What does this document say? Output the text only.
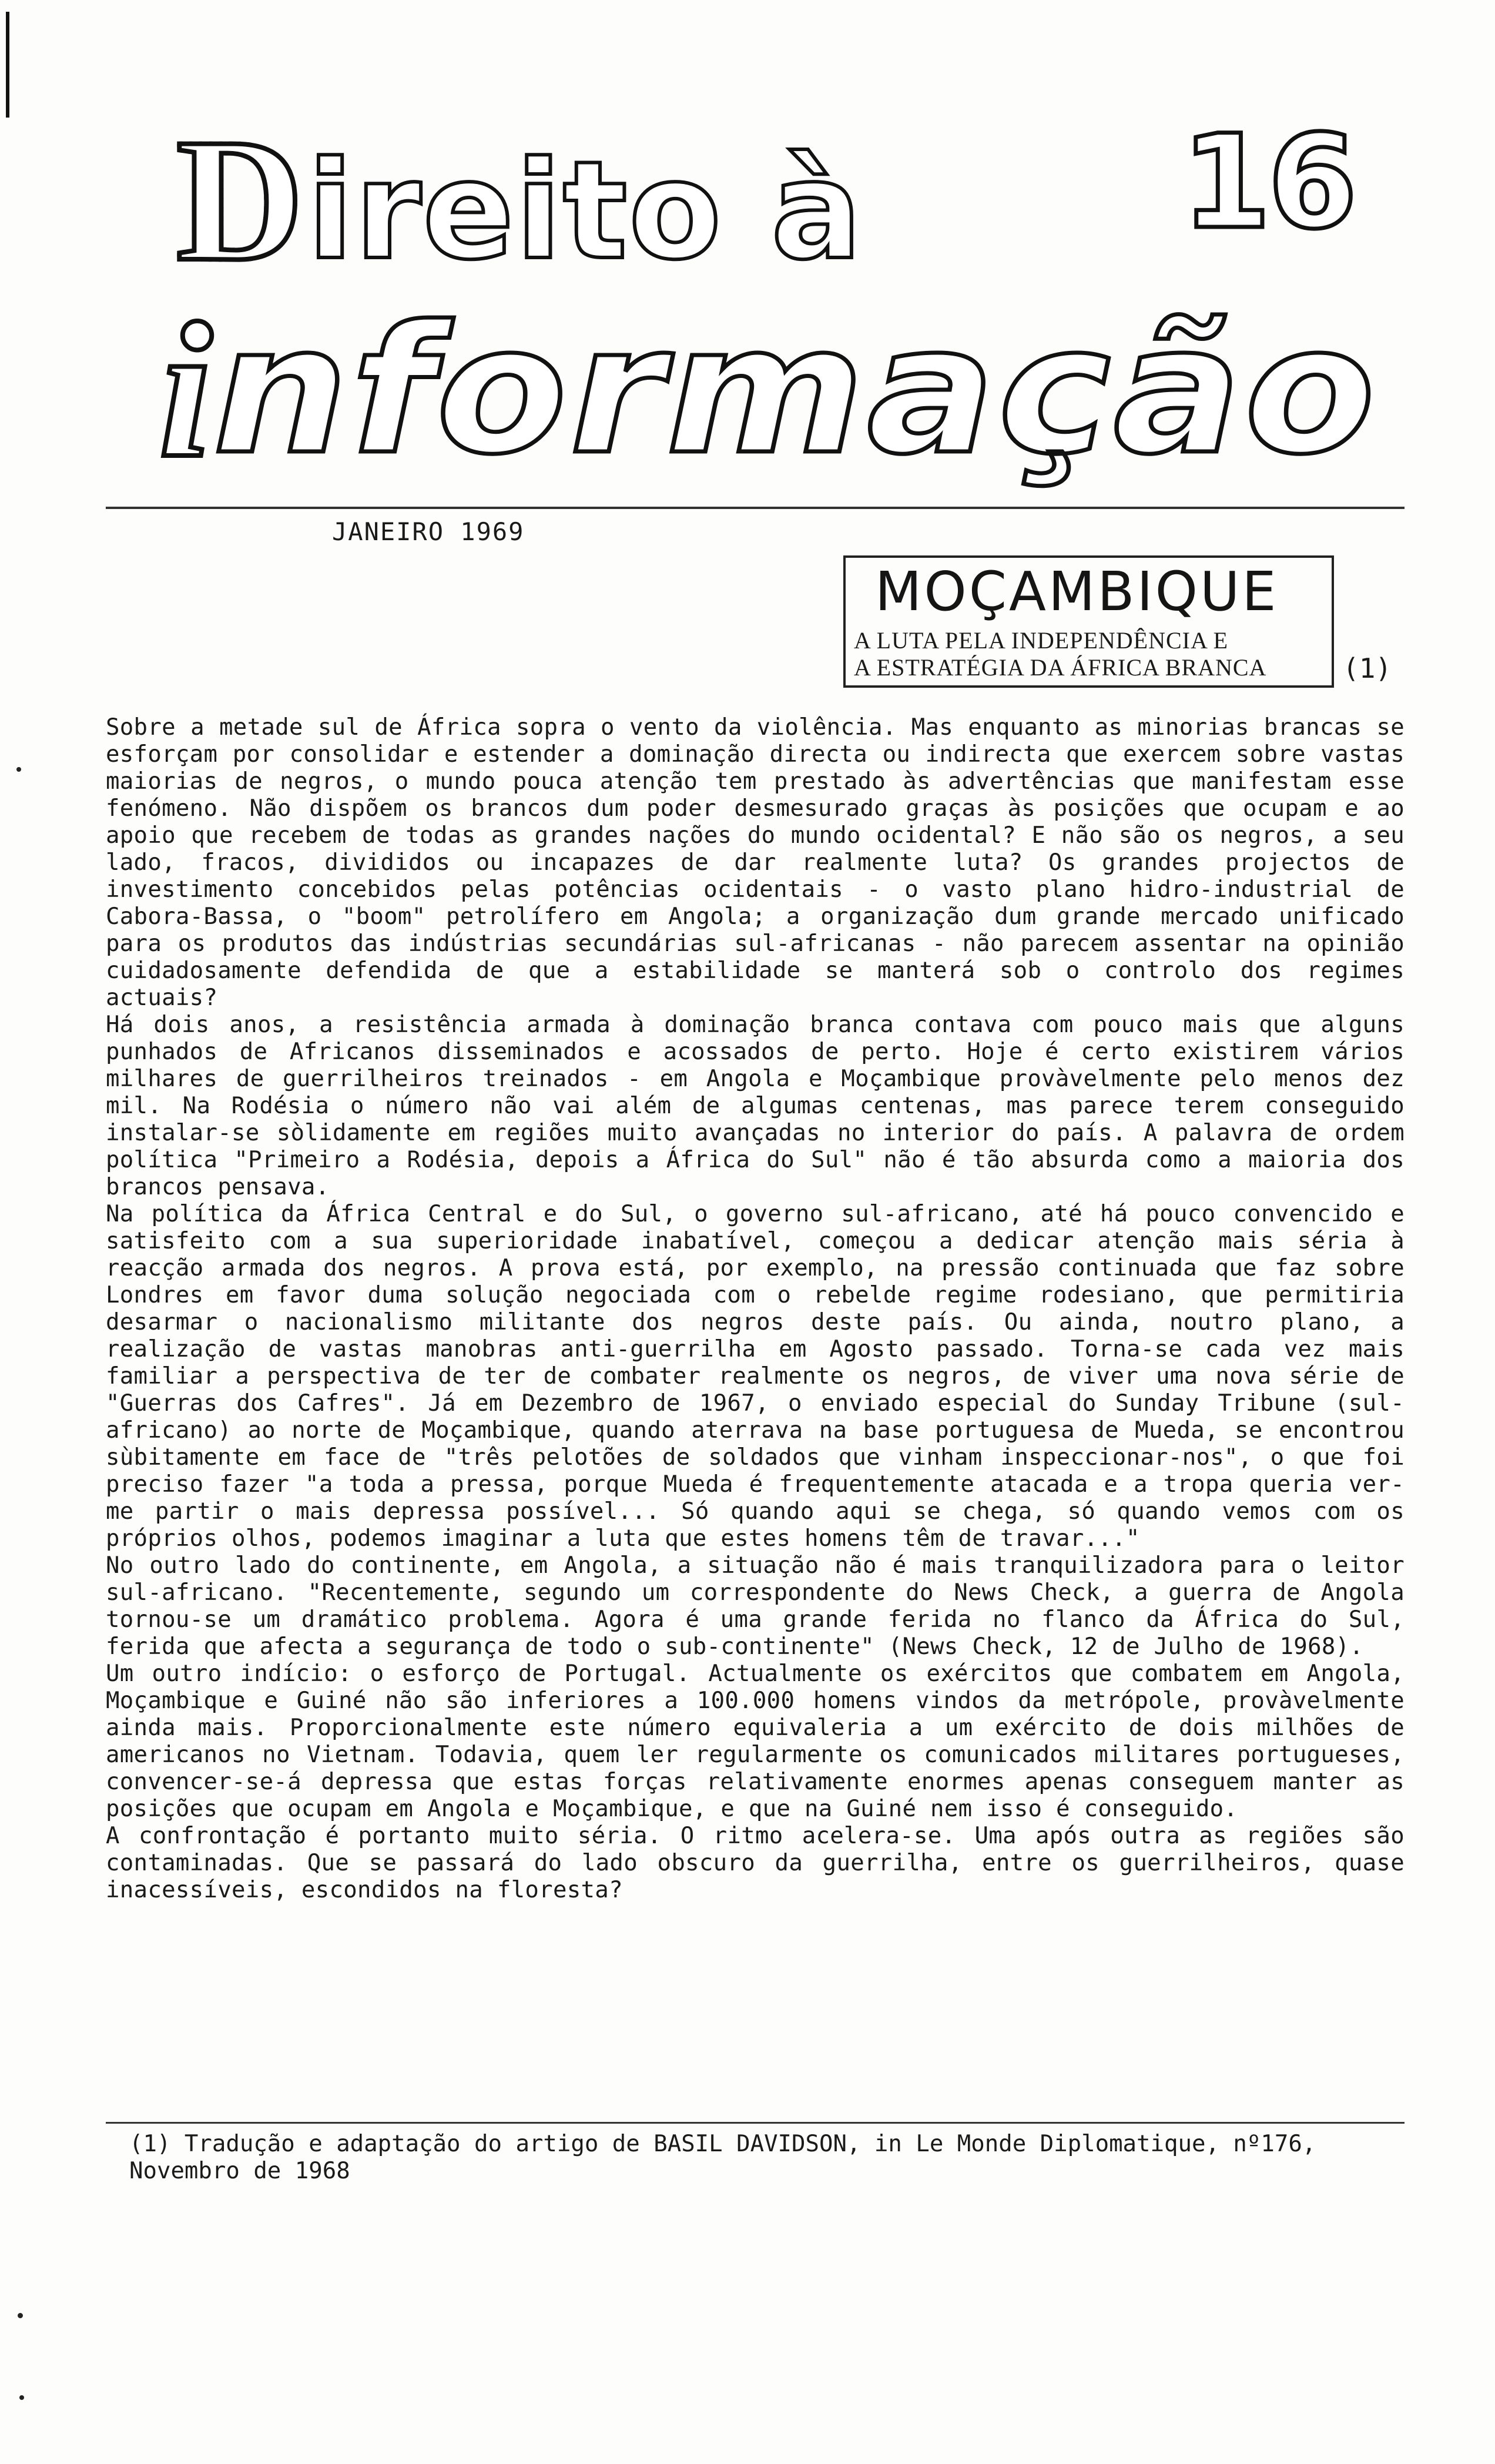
D ireito à 16
i nformação
JANEIRO 1969
MOÇAMBIQUE
A LUTA PELA INDEPENDÊNCIA E
A ESTRATÉGIA DA ÁFRICA BRANCA	(1)

Sobre a metade sul de África sopra o vento da violência. Mas enquanto as minorias brancas se esforçam por consolidar e estender a dominação directa ou indirecta que exercem sobre vastas maiorias de negros, o mundo pouca atenção tem prestado às advertências que manifestam esse fenómeno. Não dispõem os brancos dum poder desmesurado graças às posições que ocupam e ao apoio que recebem de todas as grandes nações do mundo ocidental? E não são os negros, a seu lado, fracos, divididos ou incapazes de dar realmente luta? Os grandes projectos de investimento concebidos pelas potências ocidentais - o vasto plano hidro-industrial de Cabora-Bassa, o "boom" petrolífero em Angola; a organização dum grande mercado unificado para os produtos das indústrias secundárias sul-africanas - não parecem assentar na opinião cuidadosamente defendida de que a estabilidade se manterá sob o controlo dos regimes actuais?

Há dois anos, a resistência armada à dominação branca contava com pouco mais que alguns punhados de Africanos disseminados e acossados de perto. Hoje é certo existirem vários milhares de guerrilheiros treinados - em Angola e Moçambique provàvelmente pelo menos dez mil. Na Rodésia o número não vai além de algumas centenas, mas parece terem conseguido instalar-se sòlidamente em regiões muito avançadas no interior do país. A palavra de ordem política "Primeiro a Rodésia, depois a África do Sul" não é tão absurda como a maioria dos brancos pensava.

Na política da África Central e do Sul, o governo sul-africano, até há pouco convencido e satisfeito com a sua superioridade inabatível, começou a dedicar atenção mais séria à reacção armada dos negros. A prova está, por exemplo, na pressão continuada que faz sobre Londres em favor duma solução negociada com o rebelde regime rodesiano, que permitiria desarmar o nacionalismo militante dos negros deste país. Ou ainda, noutro plano, a realização de vastas manobras anti-guerrilha em Agosto passado. Torna-se cada vez mais familiar a perspectiva de ter de combater realmente os negros, de viver uma nova série de "Guerras dos Cafres". Já em Dezembro de 1967, o enviado especial do Sunday Tribune (sul-africano) ao norte de Moçambique, quando aterrava na base portuguesa de Mueda, se encontrou sùbitamente em face de "três pelotões de soldados que vinham inspeccionar-nos", o que foi preciso fazer "a toda a pressa, porque Mueda é frequentemente atacada e a tropa queria ver-me partir o mais depressa possível... Só quando aqui se chega, só quando vemos com os próprios olhos, podemos imaginar a luta que estes homens têm de travar..."

No outro lado do continente, em Angola, a situação não é mais tranquilizadora para o leitor sul-africano. "Recentemente, segundo um correspondente do News Check, a guerra de Angola tornou-se um dramático problema. Agora é uma grande ferida no flanco da África do Sul, ferida que afecta a segurança de todo o sub-continente" (News Check, 12 de Julho de 1968).

Um outro indício: o esforço de Portugal. Actualmente os exércitos que combatem em Angola, Moçambique e Guiné não são inferiores a 100.000 homens vindos da metrópole, provàvelmente ainda mais. Proporcionalmente este número equivaleria a um exército de dois milhões de americanos no Vietnam. Todavia, quem ler regularmente os comunicados militares portugueses, convencer-se-á depressa que estas forças relativamente enormes apenas conseguem manter as posições que ocupam em Angola e Moçambique, e que na Guiné nem isso é conseguido.

A confrontação é portanto muito séria. O ritmo acelera-se. Uma após outra as regiões são contaminadas. Que se passará do lado obscuro da guerrilha, entre os guerrilheiros, quase inacessíveis, escondidos na floresta?

(1) Tradução e adaptação do artigo de BASIL DAVIDSON, in Le Monde Diplomatique, nº176,
Novembro de 1968
